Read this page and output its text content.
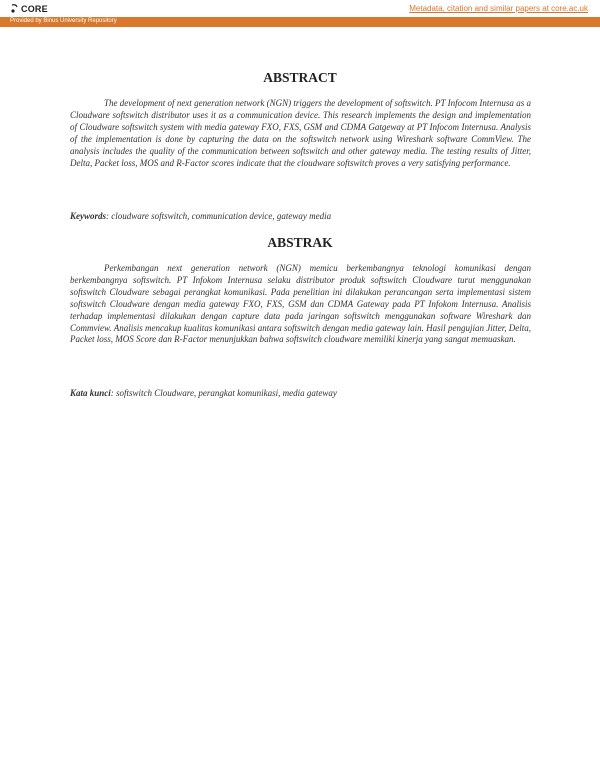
CORE	Metadata, citation and similar papers at core.ac.uk
Provided by Binus University Repository
ABSTRACT

The development of next generation network (NGN) triggers the development of softswitch. PT Infocom Internusa as a Cloudware softswitch distributor uses it as a communication device. This research implements the design and implementation of Cloudware softswitch system with media gateway FXO, FXS, GSM and CDMA Gatgeway at PT Infocom Internusa. Analysis of the implementation is done by capturing the data on the softswitch network using Wireshark software CommView. The analysis includes the quality of the communication between softswitch and other gateway media. The testing results of Jitter, Delta, Packet loss, MOS and R-Factor scores indicate that the cloudware softswitch proves a very satisfying performance.

Keywords: cloudware softswitch, communication device, gateway media

ABSTRAK

Perkembangan next generation network (NGN) memicu berkembangnya teknologi komunikasi dengan berkembangnya softswitch. PT Infokom Internusa selaku distributor produk softswitch Cloudware turut menggunakan softswitch Cloudware sebagai perangkat komunikasi. Pada penelitian ini dilakukan perancangan serta implementasi sistem softswitch Cloudware dengan media gateway FXO, FXS, GSM dan CDMA Gateway pada PT Infokom Internusa. Analisis terhadap implementasi dilakukan dengan capture data pada jaringan softswitch menggunakan software Wireshark dan Commview. Analisis mencakup kualitas komunikasi antara softswitch dengan media gateway lain. Hasil pengujian Jitter, Delta, Packet loss, MOS Score dan R-Factor menunjukkan bahwa softswitch cloudware memiliki kinerja yang sangat memuaskan.

Kata kunci: softswitch Cloudware, perangkat komunikasi, media gateway
